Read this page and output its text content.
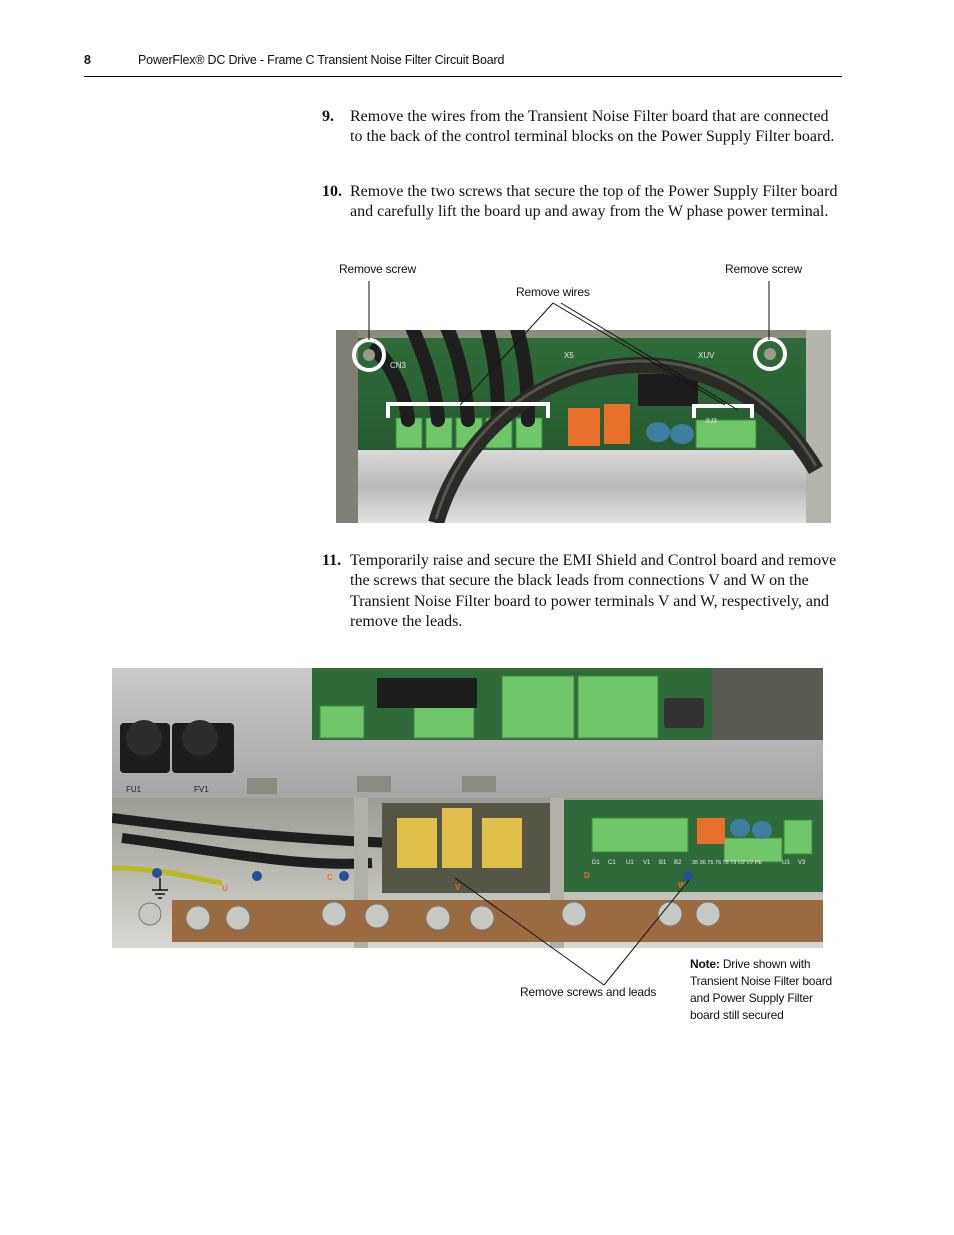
8	PowerFlex® DC Drive - Frame C Transient Noise Filter Circuit Board
9. Remove the wires from the Transient Noise Filter board that are connected to the back of the control terminal blocks on the Power Supply Filter board.
10. Remove the two screws that secure the top of the Power Supply Filter board and carefully lift the board up and away from the W phase power terminal.
Remove screw	Remove screw
Remove wires
CN3
X5	XUV
IU3
11. Temporarily raise and secure the EMI Shield and Control board and remove the screws that secure the black leads from connections V and W on the Transient Noise Filter board to power terminals V and W, respectively, and remove the leads.
FU1	FV1
D1 C1 U1 V1 B1 B2 35 36 75 76 78 79 U2 V2 PE	U3 V3
U
C
V
D
W
Remove screws and leads
Note: Drive shown with Transient Noise Filter board and Power Supply Filter board still secured
